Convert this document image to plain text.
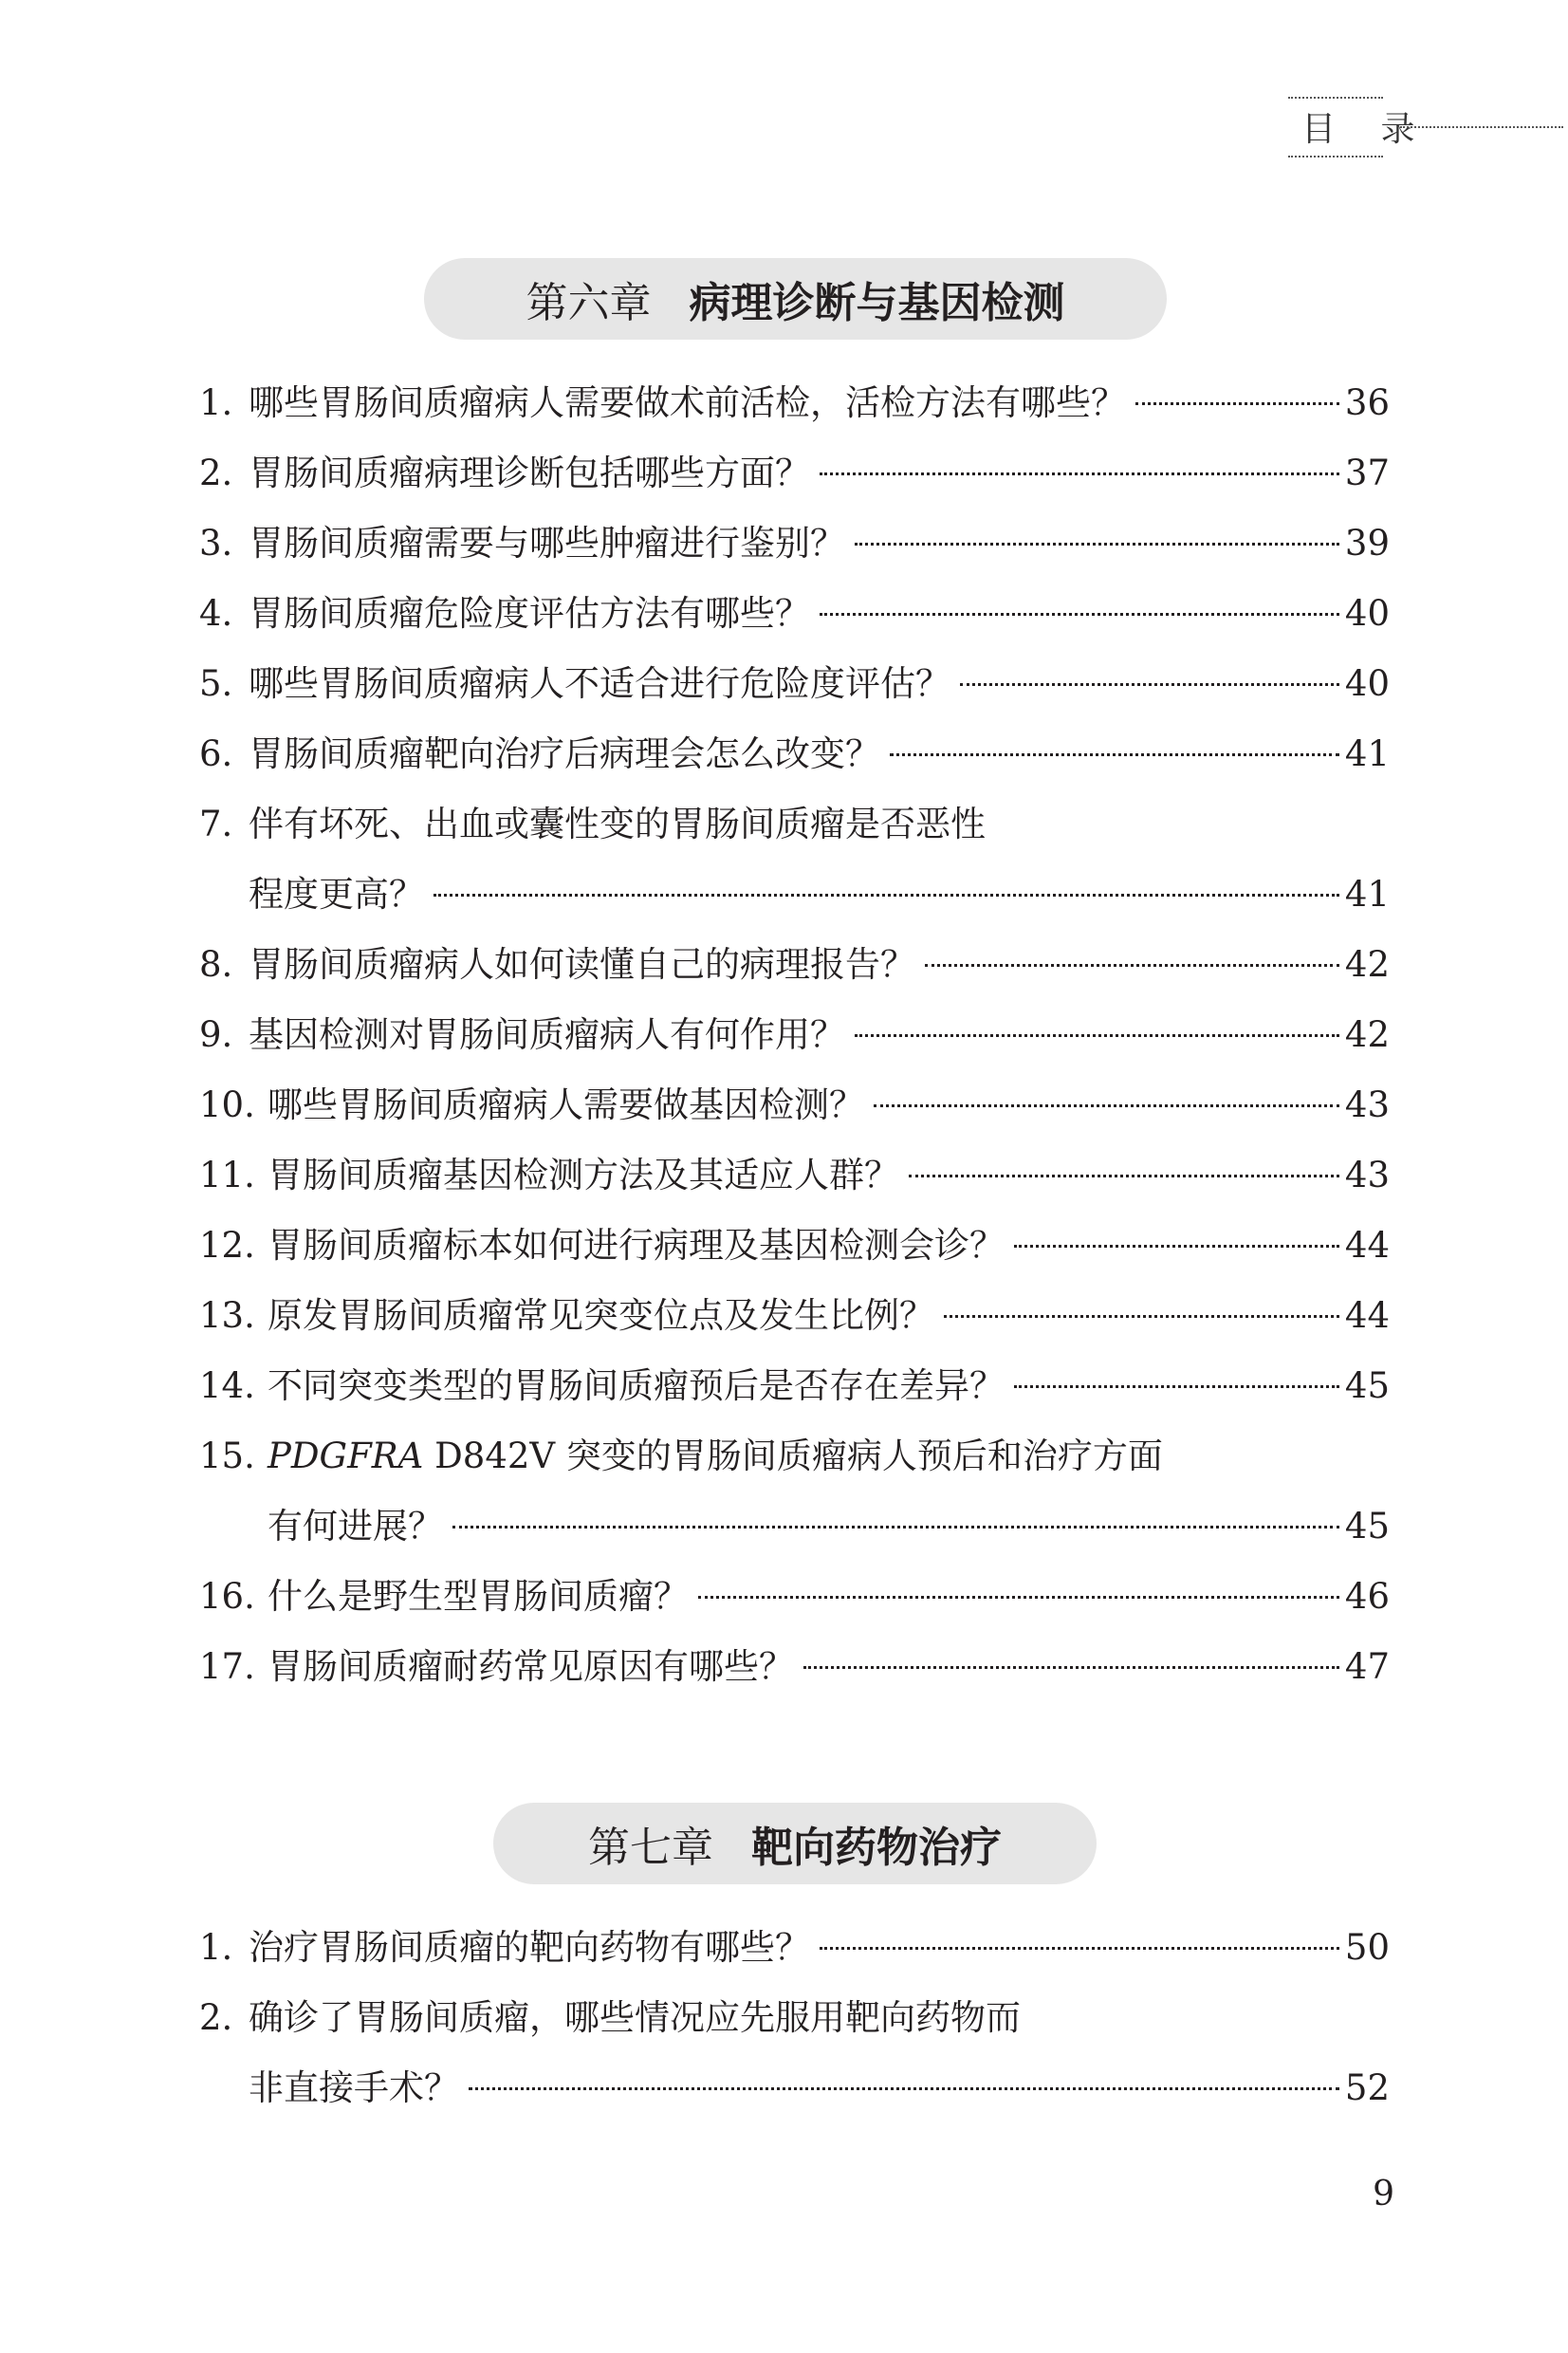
目 录
第六章 病理诊断与基因检测
1. 哪些胃肠间质瘤病人需要做术前活检，活检方法有哪些？	36
2. 胃肠间质瘤病理诊断包括哪些方面？	37
3. 胃肠间质瘤需要与哪些肿瘤进行鉴别？	39
4. 胃肠间质瘤危险度评估方法有哪些？	40
5. 哪些胃肠间质瘤病人不适合进行危险度评估？	40
6. 胃肠间质瘤靶向治疗后病理会怎么改变？	41
7. 伴有坏死、出血或囊性变的胃肠间质瘤是否恶性
程度更高？	41
8. 胃肠间质瘤病人如何读懂自己的病理报告？	42
9. 基因检测对胃肠间质瘤病人有何作用？	42
10. 哪些胃肠间质瘤病人需要做基因检测？	43
11. 胃肠间质瘤基因检测方法及其适应人群？	43
12. 胃肠间质瘤标本如何进行病理及基因检测会诊？	44
13. 原发胃肠间质瘤常见突变位点及发生比例？	44
14. 不同突变类型的胃肠间质瘤预后是否存在差异？	45
15. PDGFRA D842V 突变的胃肠间质瘤病人预后和治疗方面
有何进展？	45
16. 什么是野生型胃肠间质瘤？	46
17. 胃肠间质瘤耐药常见原因有哪些？	47
第七章 靶向药物治疗
1. 治疗胃肠间质瘤的靶向药物有哪些？	50
2. 确诊了胃肠间质瘤，哪些情况应先服用靶向药物而
非直接手术？	52
9
